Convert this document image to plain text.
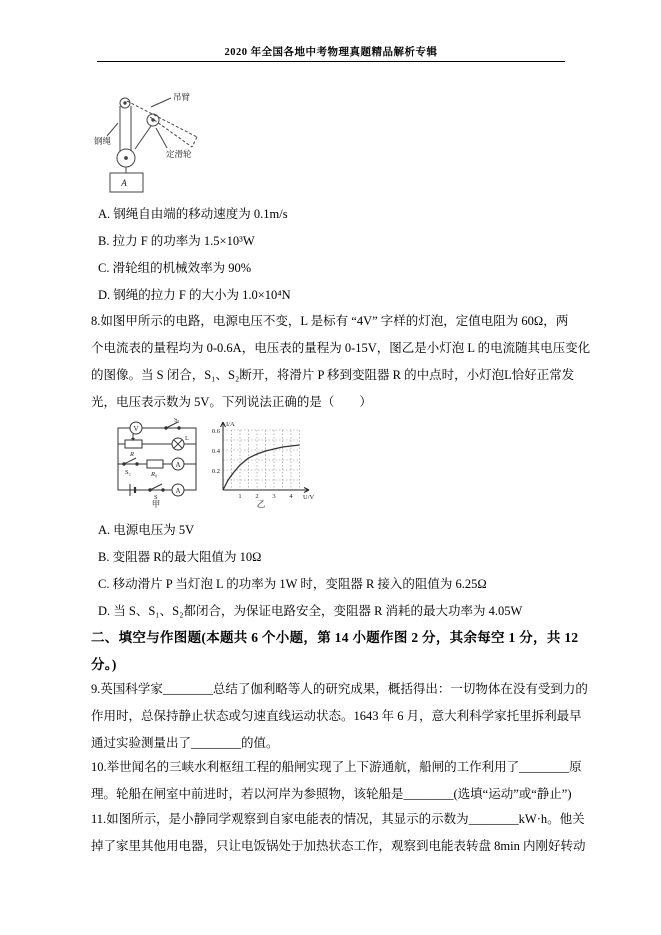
2020 年全国各地中考物理真题精品解析专辑
吊臂
钢绳
定滑轮
A
A. 钢绳自由端的移动速度为 0.1m/s
B. 拉力 F 的功率为 1.5×10³W
C. 滑轮组的机械效率为 90%
D. 钢绳的拉力 F 的大小为 1.0×10⁴N
8.如图甲所示的电路，电源电压不变，L 是标有 “4V” 字样的灯泡，定值电阻为 60Ω，两
个电流表的量程均为 0-0.6A，电压表的量程为 0-15V，图乙是小灯泡 L 的电流随其电压变化
的图像。当 S 闭合，S₁、S₂断开，将滑片 P 移到变阻器 R 的中点时，小灯泡L恰好正常发
光，电压表示数为 5V。下列说法正确的是（　　）
V
S₁
R
L
S₂	R₀
A
A
S
甲
0.2
0.4
0.6
1 2 3 4
I/A
U/V
乙
A. 电源电压为 5V
B. 变阻器 R的最大阻值为 10Ω
C. 移动滑片 P 当灯泡 L 的功率为 1W 时，变阻器 R 接入的阻值为 6.25Ω
D. 当 S、S₁、S₂都闭合，为保证电路安全，变阻器 R 消耗的最大功率为 4.05W
二、填空与作图题(本题共 6 个小题，第 14 小题作图 2 分，其余每空 1 分，共 12
分。)
9.英国科学家________总结了伽利略等人的研究成果，概括得出：一切物体在没有受到力的
作用时，总保持静止状态或匀速直线运动状态。1643 年 6 月，意大利科学家托里拆利最早
通过实验测量出了________的值。
10.举世闻名的三峡水利枢纽工程的船闸实现了上下游通航，船闸的工作利用了________原
理。轮船在闸室中前进时，若以河岸为参照物，该轮船是________(选填“运动”或“静止”)
11.如图所示，是小静同学观察到自家电能表的情况，其显示的示数为________kW·h。他关
掉了家里其他用电器，只让电饭锅处于加热状态工作，观察到电能表转盘 8min 内刚好转动
